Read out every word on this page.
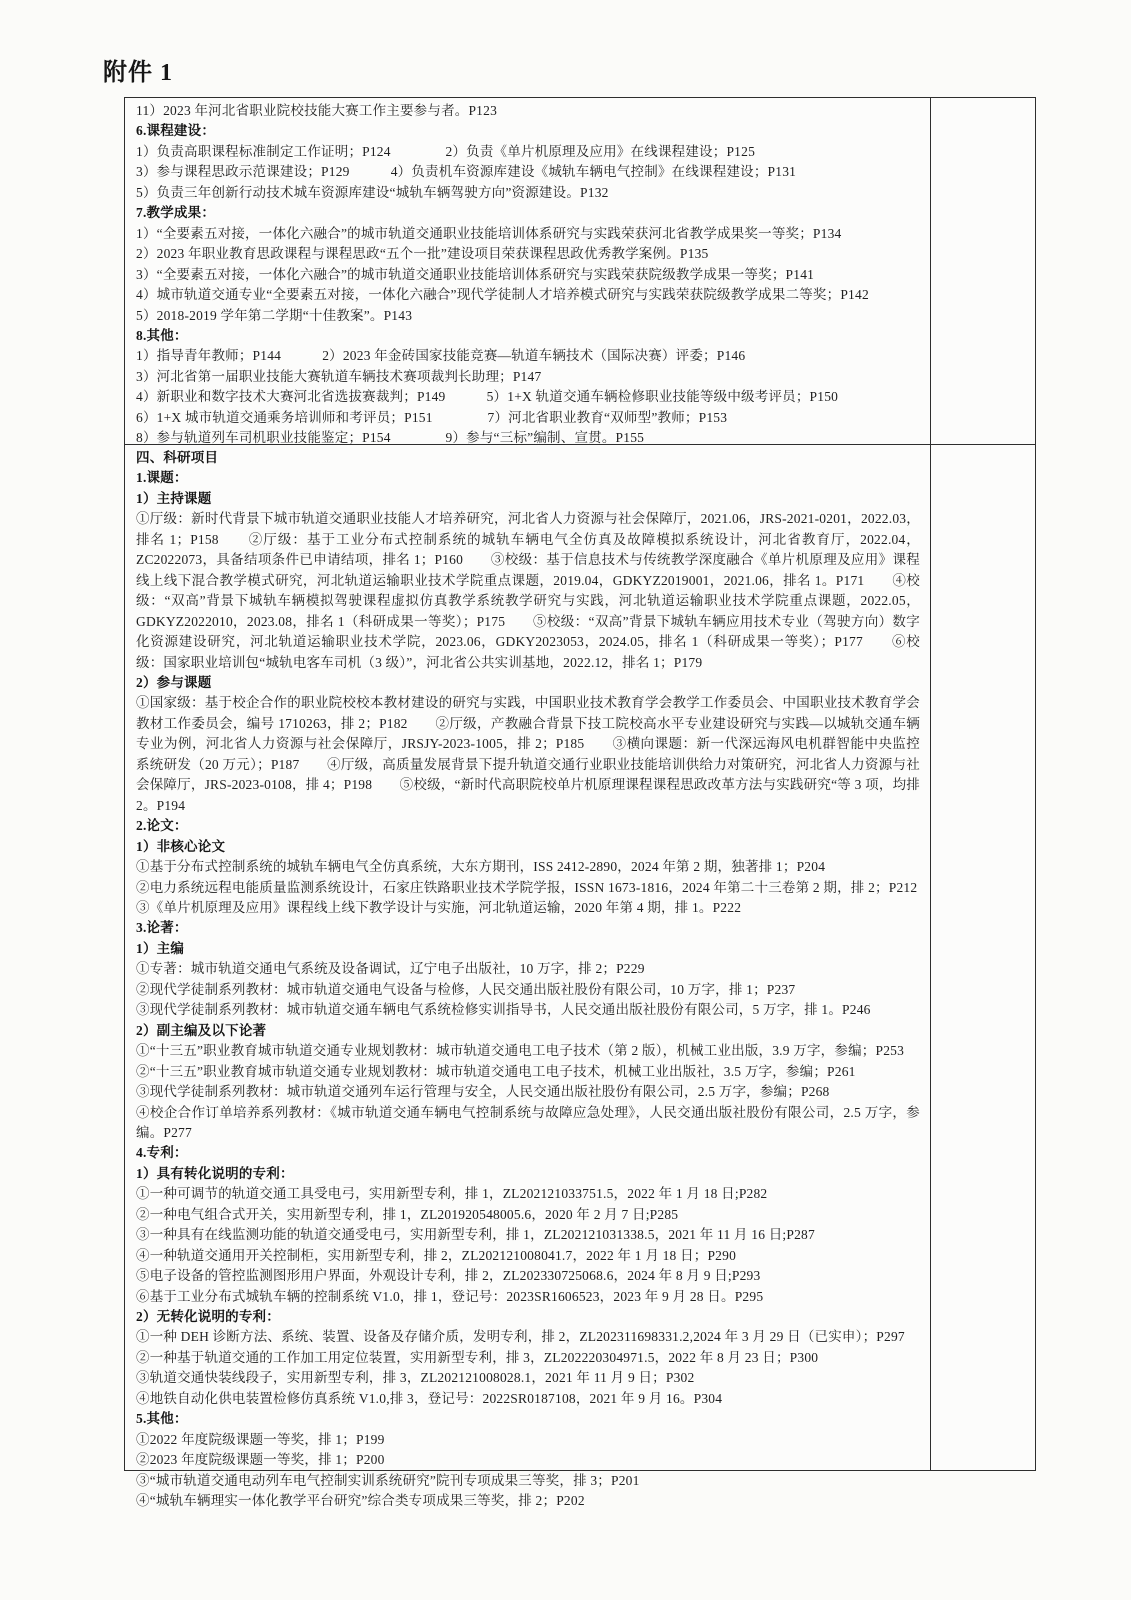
附件 1
11）2023 年河北省职业院校技能大赛工作主要参与者。P123
6.课程建设：
1）负责高职课程标准制定工作证明；P124　　　　2）负责《单片机原理及应用》在线课程建设；P125
3）参与课程思政示范课建设；P129　　　4）负责机车资源库建设《城轨车辆电气控制》在线课程建设；P131
5）负责三年创新行动技术城车资源库建设“城轨车辆驾驶方向”资源建设。P132
7.教学成果：
1）“全要素五对接，一体化六融合”的城市轨道交通职业技能培训体系研究与实践荣获河北省教学成果奖一等奖；P134
2）2023 年职业教育思政课程与课程思政“五个一批”建设项目荣获课程思政优秀教学案例。P135
3）“全要素五对接，一体化六融合”的城市轨道交通职业技能培训体系研究与实践荣获院级教学成果一等奖；P141
4）城市轨道交通专业“全要素五对接，一体化六融合”现代学徒制人才培养模式研究与实践荣获院级教学成果二等奖；P142
5）2018-2019 学年第二学期“十佳教案”。P143
8.其他：
1）指导青年教师；P144　　　2）2023 年金砖国家技能竞赛—轨道车辆技术（国际决赛）评委；P146
3）河北省第一届职业技能大赛轨道车辆技术赛项裁判长助理；P147
4）新职业和数字技术大赛河北省选拔赛裁判；P149　　　5）1+X 轨道交通车辆检修职业技能等级中级考评员；P150
6）1+X 城市轨道交通乘务培训师和考评员；P151　　　　7）河北省职业教育“双师型”教师；P153
8）参与轨道列车司机职业技能鉴定；P154　　　　9）参与“三标”编制、宣贯。P155
四、科研项目
1.课题：
1）主持课题
①厅级：新时代背景下城市轨道交通职业技能人才培养研究，河北省人力资源与社会保障厅，2021.06，JRS-2021-0201，2022.03，排名 1；P158　　②厅级：基于工业分布式控制系统的城轨车辆电气全仿真及故障模拟系统设计，河北省教育厅，2022.04，ZC2022073，具备结项条件已申请结项，排名 1；P160　　③校级：基于信息技术与传统教学深度融合《单片机原理及应用》课程线上线下混合教学模式研究，河北轨道运输职业技术学院重点课题，2019.04，GDKYZ2019001，2021.06，排名 1。P171　　④校级：“双高”背景下城轨车辆模拟驾驶课程虚拟仿真教学系统教学研究与实践，河北轨道运输职业技术学院重点课题，2022.05，GDKYZ2022010，2023.08，排名 1（科研成果一等奖）；P175　　⑤校级：“双高”背景下城轨车辆应用技术专业（驾驶方向）数字化资源建设研究，河北轨道运输职业技术学院，2023.06，GDKY2023053，2024.05，排名 1（科研成果一等奖）；P177　　⑥校级：国家职业培训包“城轨电客车司机（3 级）”，河北省公共实训基地，2022.12，排名 1；P179
2）参与课题
①国家级：基于校企合作的职业院校校本教材建设的研究与实践，中国职业技术教育学会教学工作委员会、中国职业技术教育学会教材工作委员会，编号 1710263，排 2；P182　　②厅级，产教融合背景下技工院校高水平专业建设研究与实践—以城轨交通车辆专业为例，河北省人力资源与社会保障厅，JRSJY-2023-1005，排 2；P185　　③横向课题：新一代深远海风电机群智能中央监控系统研发（20 万元）；P187　　④厅级，高质量发展背景下提升轨道交通行业职业技能培训供给力对策研究，河北省人力资源与社会保障厅，JRS-2023-0108，排 4；P198　　⑤校级，“新时代高职院校单片机原理课程课程思政改革方法与实践研究“等 3 项，均排 2。P194
2.论文：
1）非核心论文
①基于分布式控制系统的城轨车辆电气全仿真系统，大东方期刊，ISS 2412-2890，2024 年第 2 期，独著排 1；P204
②电力系统远程电能质量监测系统设计，石家庄铁路职业技术学院学报，ISSN 1673-1816，2024 年第二十三卷第 2 期，排 2；P212
③《单片机原理及应用》课程线上线下教学设计与实施，河北轨道运输，2020 年第 4 期，排 1。P222
3.论著：
1）主编
①专著：城市轨道交通电气系统及设备调试，辽宁电子出版社，10 万字，排 2；P229
②现代学徒制系列教材：城市轨道交通电气设备与检修，人民交通出版社股份有限公司，10 万字，排 1；P237
③现代学徒制系列教材：城市轨道交通车辆电气系统检修实训指导书，人民交通出版社股份有限公司，5 万字，排 1。P246
2）副主编及以下论著
①“十三五”职业教育城市轨道交通专业规划教材：城市轨道交通电工电子技术（第 2 版），机械工业出版，3.9 万字，参编；P253
②“十三五”职业教育城市轨道交通专业规划教材：城市轨道交通电工电子技术，机械工业出版社，3.5 万字，参编；P261
③现代学徒制系列教材：城市轨道交通列车运行管理与安全，人民交通出版社股份有限公司，2.5 万字，参编；P268
④校企合作订单培养系列教材：《城市轨道交通车辆电气控制系统与故障应急处理》，人民交通出版社股份有限公司，2.5 万字，参编。P277
4.专利：
1）具有转化说明的专利：
①一种可调节的轨道交通工具受电弓，实用新型专利，排 1，ZL202121033751.5，2022 年 1 月 18 日;P282
②一种电气组合式开关，实用新型专利，排 1，ZL201920548005.6，2020 年 2 月 7 日;P285
③一种具有在线监测功能的轨道交通受电弓，实用新型专利，排 1，ZL202121031338.5，2021 年 11 月 16 日;P287
④一种轨道交通用开关控制柜，实用新型专利，排 2，ZL202121008041.7，2022 年 1 月 18 日；P290
⑤电子设备的管控监测图形用户界面，外观设计专利，排 2，ZL202330725068.6，2024 年 8 月 9 日;P293
⑥基于工业分布式城轨车辆的控制系统 V1.0，排 1，登记号：2023SR1606523，2023 年 9 月 28 日。P295
2）无转化说明的专利：
①一种 DEH 诊断方法、系统、装置、设备及存储介质，发明专利，排 2，ZL202311698331.2,2024 年 3 月 29 日（已实申）；P297
②一种基于轨道交通的工作加工用定位装置，实用新型专利，排 3，ZL202220304971.5，2022 年 8 月 23 日；P300
③轨道交通快装线段子，实用新型专利，排 3，ZL202121008028.1，2021 年 11 月 9 日；P302
④地铁自动化供电装置检修仿真系统 V1.0,排 3，登记号：2022SR0187108，2021 年 9 月 16。P304
5.其他：
①2022 年度院级课题一等奖，排 1；P199
②2023 年度院级课题一等奖，排 1；P200
③“城市轨道交通电动列车电气控制实训系统研究”院刊专项成果三等奖，排 3；P201
④“城轨车辆理实一体化教学平台研究”综合类专项成果三等奖，排 2；P202
